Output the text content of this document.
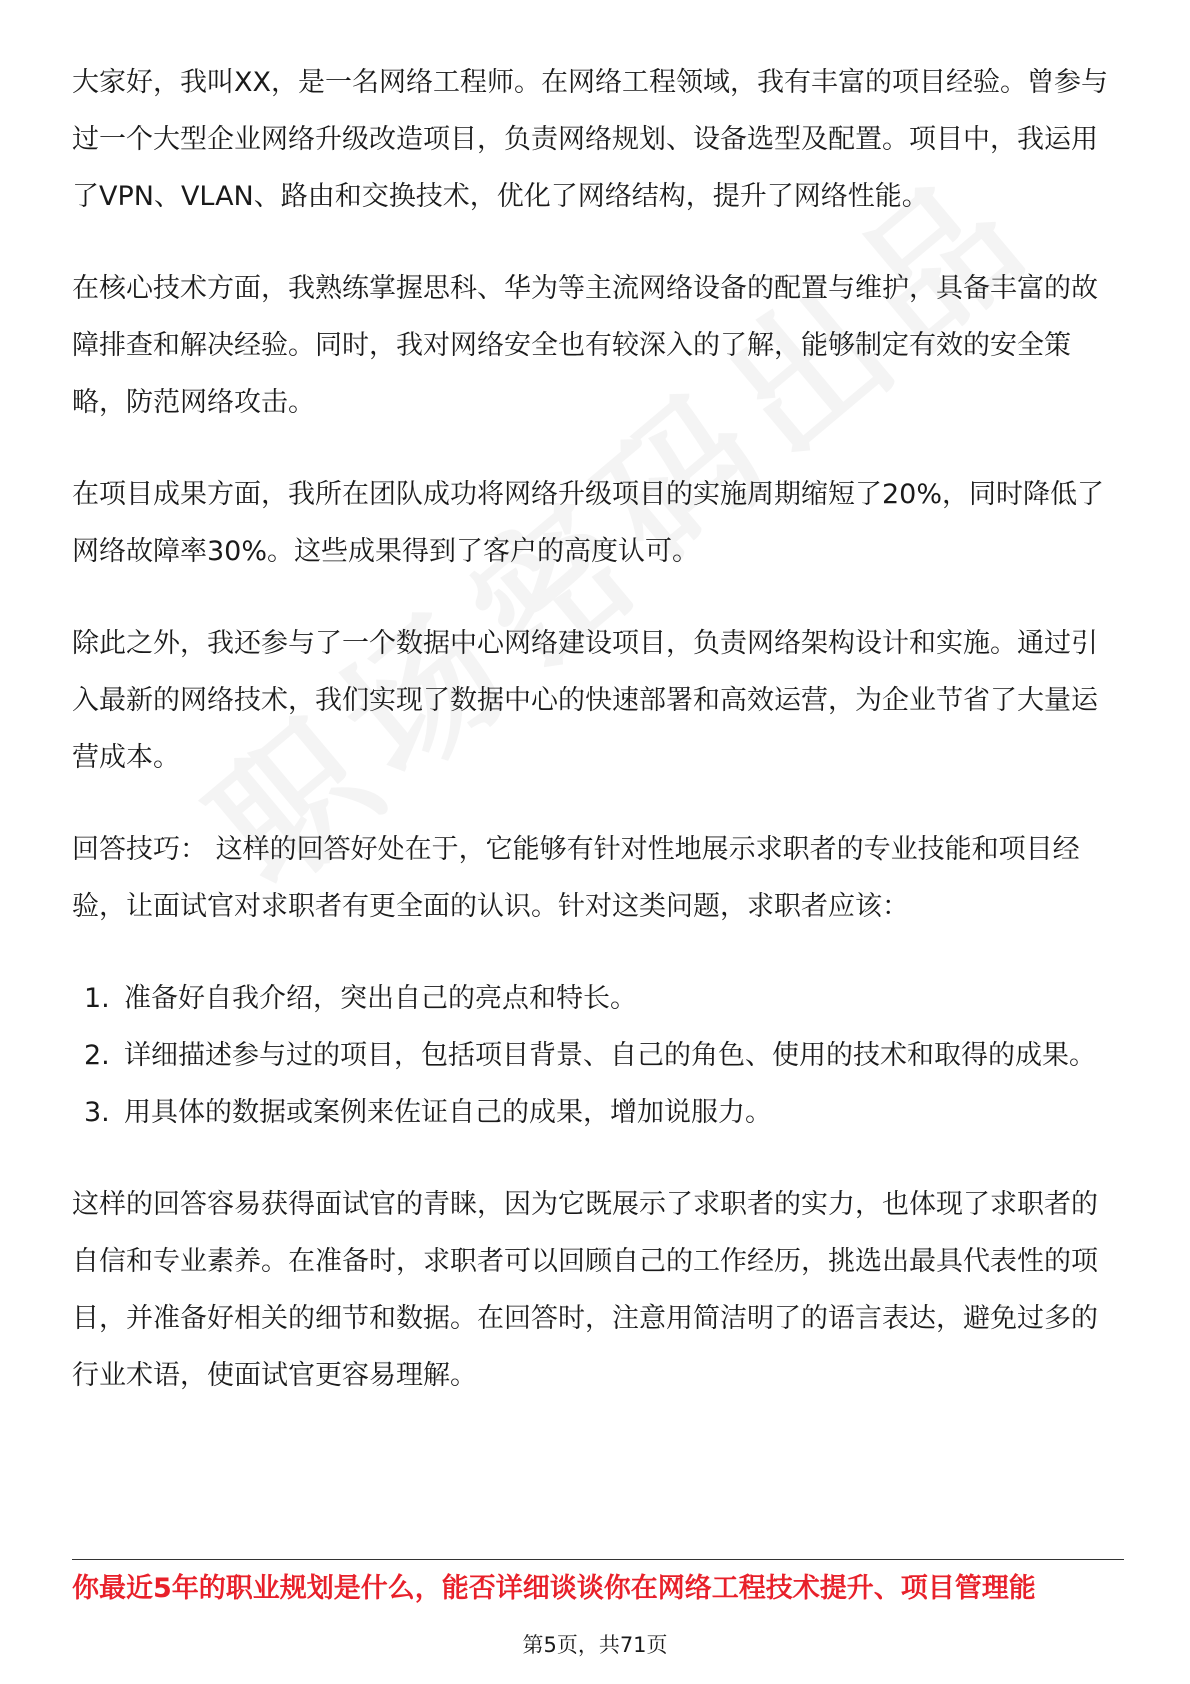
大家好，我叫XX，是一名网络工程师。在网络工程领域，我有丰富的项目经验。曾参与过一个大型企业网络升级改造项目，负责网络规划、设备选型及配置。项目中，我运用了VPN、VLAN、路由和交换技术，优化了网络结构，提升了网络性能。

在核心技术方面，我熟练掌握思科、华为等主流网络设备的配置与维护，具备丰富的故障排查和解决经验。同时，我对网络安全也有较深入的了解，能够制定有效的安全策略，防范网络攻击。

在项目成果方面，我所在团队成功将网络升级项目的实施周期缩短了20%，同时降低了网络故障率30%。这些成果得到了客户的高度认可。

除此之外，我还参与了一个数据中心网络建设项目，负责网络架构设计和实施。通过引入最新的网络技术，我们实现了数据中心的快速部署和高效运营，为企业节省了大量运营成本。

回答技巧： 这样的回答好处在于，它能够有针对性地展示求职者的专业技能和项目经验，让面试官对求职者有更全面的认识。针对这类问题，求职者应该：

1. 准备好自我介绍，突出自己的亮点和特长。
2. 详细描述参与过的项目，包括项目背景、自己的角色、使用的技术和取得的成果。
3. 用具体的数据或案例来佐证自己的成果，增加说服力。

这样的回答容易获得面试官的青睐，因为它既展示了求职者的实力，也体现了求职者的自信和专业素养。在准备时，求职者可以回顾自己的工作经历，挑选出最具代表性的项目，并准备好相关的细节和数据。在回答时，注意用简洁明了的语言表达，避免过多的行业术语，使面试官更容易理解。

你最近5年的职业规划是什么，能否详细谈谈你在网络工程技术提升、项目管理能
第5页，共71页
